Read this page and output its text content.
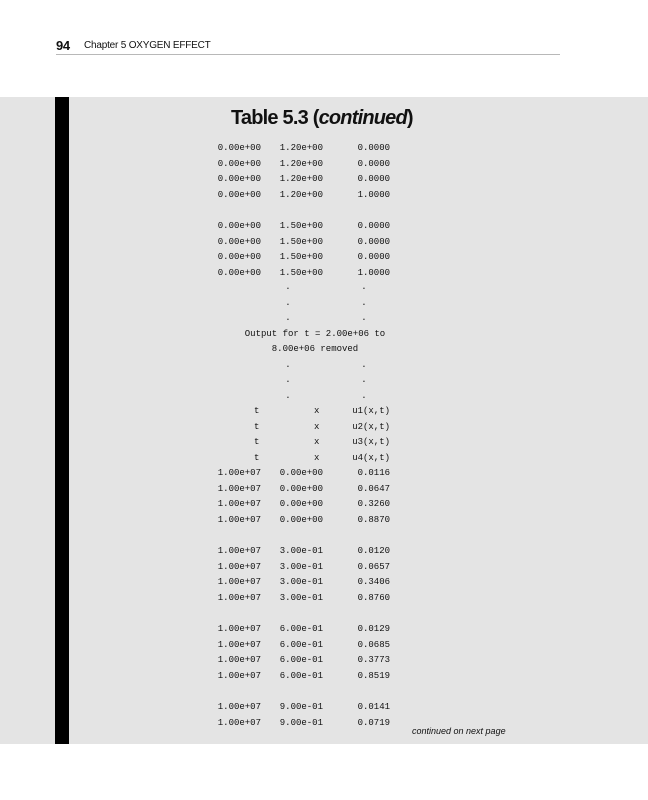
94 Chapter 5 OXYGEN EFFECT
Table 5.3 (continued)
0.00e+00 1.20e+00	0.0000
0.00e+00 1.20e+00	0.0000
0.00e+00 1.20e+00	0.0000
0.00e+00 1.20e+00	1.0000
0.00e+00 1.50e+00	0.0000
0.00e+00 1.50e+00	0.0000
0.00e+00 1.50e+00	0.0000
0.00e+00 1.50e+00	1.0000
.	.
.	.
.	.
Output for t = 2.00e+06 to
8.00e+06 removed
.	.
.	.
.	.
t	x	u1(x,t)
t	x	u2(x,t)
t	x	u3(x,t)
t	x	u4(x,t)
1.00e+07 0.00e+00	0.0116
1.00e+07 0.00e+00	0.0647
1.00e+07 0.00e+00	0.3260
1.00e+07 0.00e+00	0.8870
1.00e+07 3.00e-01	0.0120
1.00e+07 3.00e-01	0.0657
1.00e+07 3.00e-01	0.3406
1.00e+07 3.00e-01	0.8760
1.00e+07 6.00e-01	0.0129
1.00e+07 6.00e-01	0.0685
1.00e+07 6.00e-01	0.3773
1.00e+07 6.00e-01	0.8519
1.00e+07 9.00e-01	0.0141
1.00e+07 9.00e-01	0.0719
continued on next page
